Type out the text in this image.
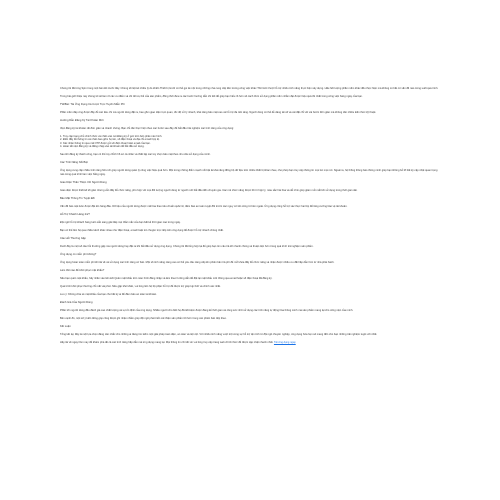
Chúng tôi đã từng Spin trong một bài viết trước đây. Chúng tôi liệt kê nhiều lý do khiến Thiết bị Gi-Dí có thể gọi là một trong những nhà cung cấp tiền lương công việc khác Thế Giới Vượt hỗ trợ nhiều tính năng thực hiện xây dựng. Hầu hết lượng phần mềm khác đều thực hiện mà không có bất cứ vấn đề nào trong suốt quá trình.

Trong bài giới thiệu này chúng tôi sẽ làm rõ các ưu điểm và chi tiết cụ thể của sản phẩm, đồng thời đưa ra các bước hướng dẫn chi tiết để giúp bạn hiểu rõ hơn về cách thức sử dụng phần mềm nhằm đạt được hiệu quả tốt nhất trong công việc hàng ngày của bạn.

TWIBet: Tải Ứng Dụng Cá Cược Trực Tuyến Miễn Phí

Phần mềm đáp ứng được đầy đủ các tiêu chí mà người dùng đặt ra, bao gồm giao diện trực quan, tốc độ xử lý nhanh, khả năng bảo mật cao và hỗ trợ đa nền tảng. Người dùng có thể dễ dàng tải về và cài đặt chỉ với vài bước đơn giản mà không cần nhiều kiến thức kỹ thuật.

Hướng Dẫn Đăng Ký Tài Khoản Mới

Việc đăng ký tài khoản rất đơn giản và nhanh chóng. Bạn chỉ cần thực hiện theo các bước sau đây để bắt đầu trải nghiệm các tính năng của ứng dụng:

1. Truy cập trang chủ chính thức và nhấn vào nút Đăng ký ở góc trên bên phải màn hình.
2. Điền đầy đủ thông tin cá nhân bao gồm họ tên, số điện thoại và địa chỉ email hợp lệ.
3. Xác nhận thông tin qua mã OTP được gửi về điện thoại hoặc email của bạn.
4. Hoàn tất việc đăng ký và đăng nhập vào tài khoản để bắt đầu sử dụng.

Sau khi đăng ký thành công, bạn có thể tùy chỉnh hồ sơ cá nhân và thiết lập các tùy chọn bảo mật theo nhu cầu sử dụng của mình.

Các Tính Năng Nổi Bật

Ứng dụng cung cấp nhiều tính năng hữu ích giúp người dùng quản lý công việc hiệu quả hơn. Một trong những điểm mạnh nổi bật là khả năng đồng bộ dữ liệu trên nhiều thiết bị khác nhau, cho phép bạn truy cập thông tin mọi lúc mọi nơi. Ngoài ra, hệ thống thông báo thông minh giúp bạn không bỏ lỡ bất kỳ cập nhật quan trọng nào trong quá trình làm việc hằng ngày.

Giao Diện Thân Thiện Với Người Dùng

Giao diện được thiết kế tối giản nhưng vẫn đầy đủ chức năng, phù hợp với mọi đối tượng người dùng từ người mới bắt đầu đến chuyên gia. Các nút chức năng được bố trí hợp lý, màu sắc hài hòa và dễ nhìn giúp giảm mỏi mắt khi sử dụng trong thời gian dài.

Bảo Mật Thông Tin Tuyệt Đối

Vấn đề bảo mật luôn được đặt lên hàng đầu. Dữ liệu của người dùng được mã hóa theo tiêu chuẩn quốc tế, đảm bảo an toàn tuyệt đối trước các nguy cơ tấn công từ bên ngoài. Ứng dụng cũng hỗ trợ xác thực hai lớp để tăng cường bảo vệ tài khoản.

Hỗ Trợ Khách Hàng 24/7

Đội ngũ hỗ trợ khách hàng luôn sẵn sàng giải đáp mọi thắc mắc của bạn bất kể thời gian nào trong ngày.

Bạn có thể liên hệ qua nhiều kênh khác nhau như điện thoại, email hoặc trò chuyện trực tiếp trên ứng dụng để được hỗ trợ nhanh chóng nhất.

Câu Hỏi Thường Gặp

Dưới đây là một số câu hỏi thường gặp mà người dùng hay đặt ra khi bắt đầu sử dụng ứng dụng. Chúng tôi đã tổng hợp lại để giúp bạn tìm câu trả lời nhanh chóng và thuận tiện hơn trong quá trình trải nghiệm sản phẩm.

Ứng dụng có miễn phí không?

Ứng dụng hoàn toàn miễn phí khi tải về và sử dụng các tính năng cơ bản. Một số tính năng nâng cao có thể yêu cầu nâng cấp lên phiên bản trả phí để mở khóa đầy đủ chức năng và nhận được nhiều ưu đãi hấp dẫn hơn từ nhà phát hành.

Làm thế nào để khôi phục mật khẩu?

Nếu bạn quên mật khẩu, hãy nhấn vào liên kết Quên mật khẩu trên màn hình đăng nhập và làm theo hướng dẫn để đặt lại mật khẩu mới thông qua email hoặc số điện thoại đã đăng ký.

Quá trình khôi phục thường chỉ mất vài phút. Nếu gặp khó khăn, vui lòng liên hệ bộ phận hỗ trợ để được trợ giúp kịp thời và chính xác nhất.

Lưu ý: Không chia sẻ mật khẩu của bạn cho bất kỳ ai để đảm bảo an toàn tài khoản.

Đánh Giá Của Người Dùng

Phần lớn người dùng đều đánh giá cao chất lượng và sự ổn định của ứng dụng. Nhiều người cho biết họ đã tiết kiệm được đáng kể thời gian và công sức nhờ sử dụng các tính năng tự động hóa thông minh mà sản phẩm mang lại cho công việc của mình.

Bên cạnh đó, một số ý kiến đóng góp cũng được ghi nhận nhằm giúp đội ngũ phát triển cải thiện sản phẩm tốt hơn trong các phiên bản tiếp theo.

Kết Luận

Tổng kết lại, đây là một lựa chọn đáng cân nhắc cho những ai đang tìm kiếm một giải pháp toàn diện, an toàn và tiện lợi. Với nhiều tính năng vượt trội cùng sự hỗ trợ tận tình từ đội ngũ chuyên nghiệp, ứng dụng hứa hẹn sẽ mang đến cho bạn những trải nghiệm tuyệt vời nhất.

Hãy tải về ngay hôm nay để khám phá tất cả các tính năng hấp dẫn mà ứng dụng mang lại. Mọi thông tin chi tiết xin vui lòng truy cập trang web chính thức để được cập nhật nhanh nhất. Tải ứng dụng ngay
